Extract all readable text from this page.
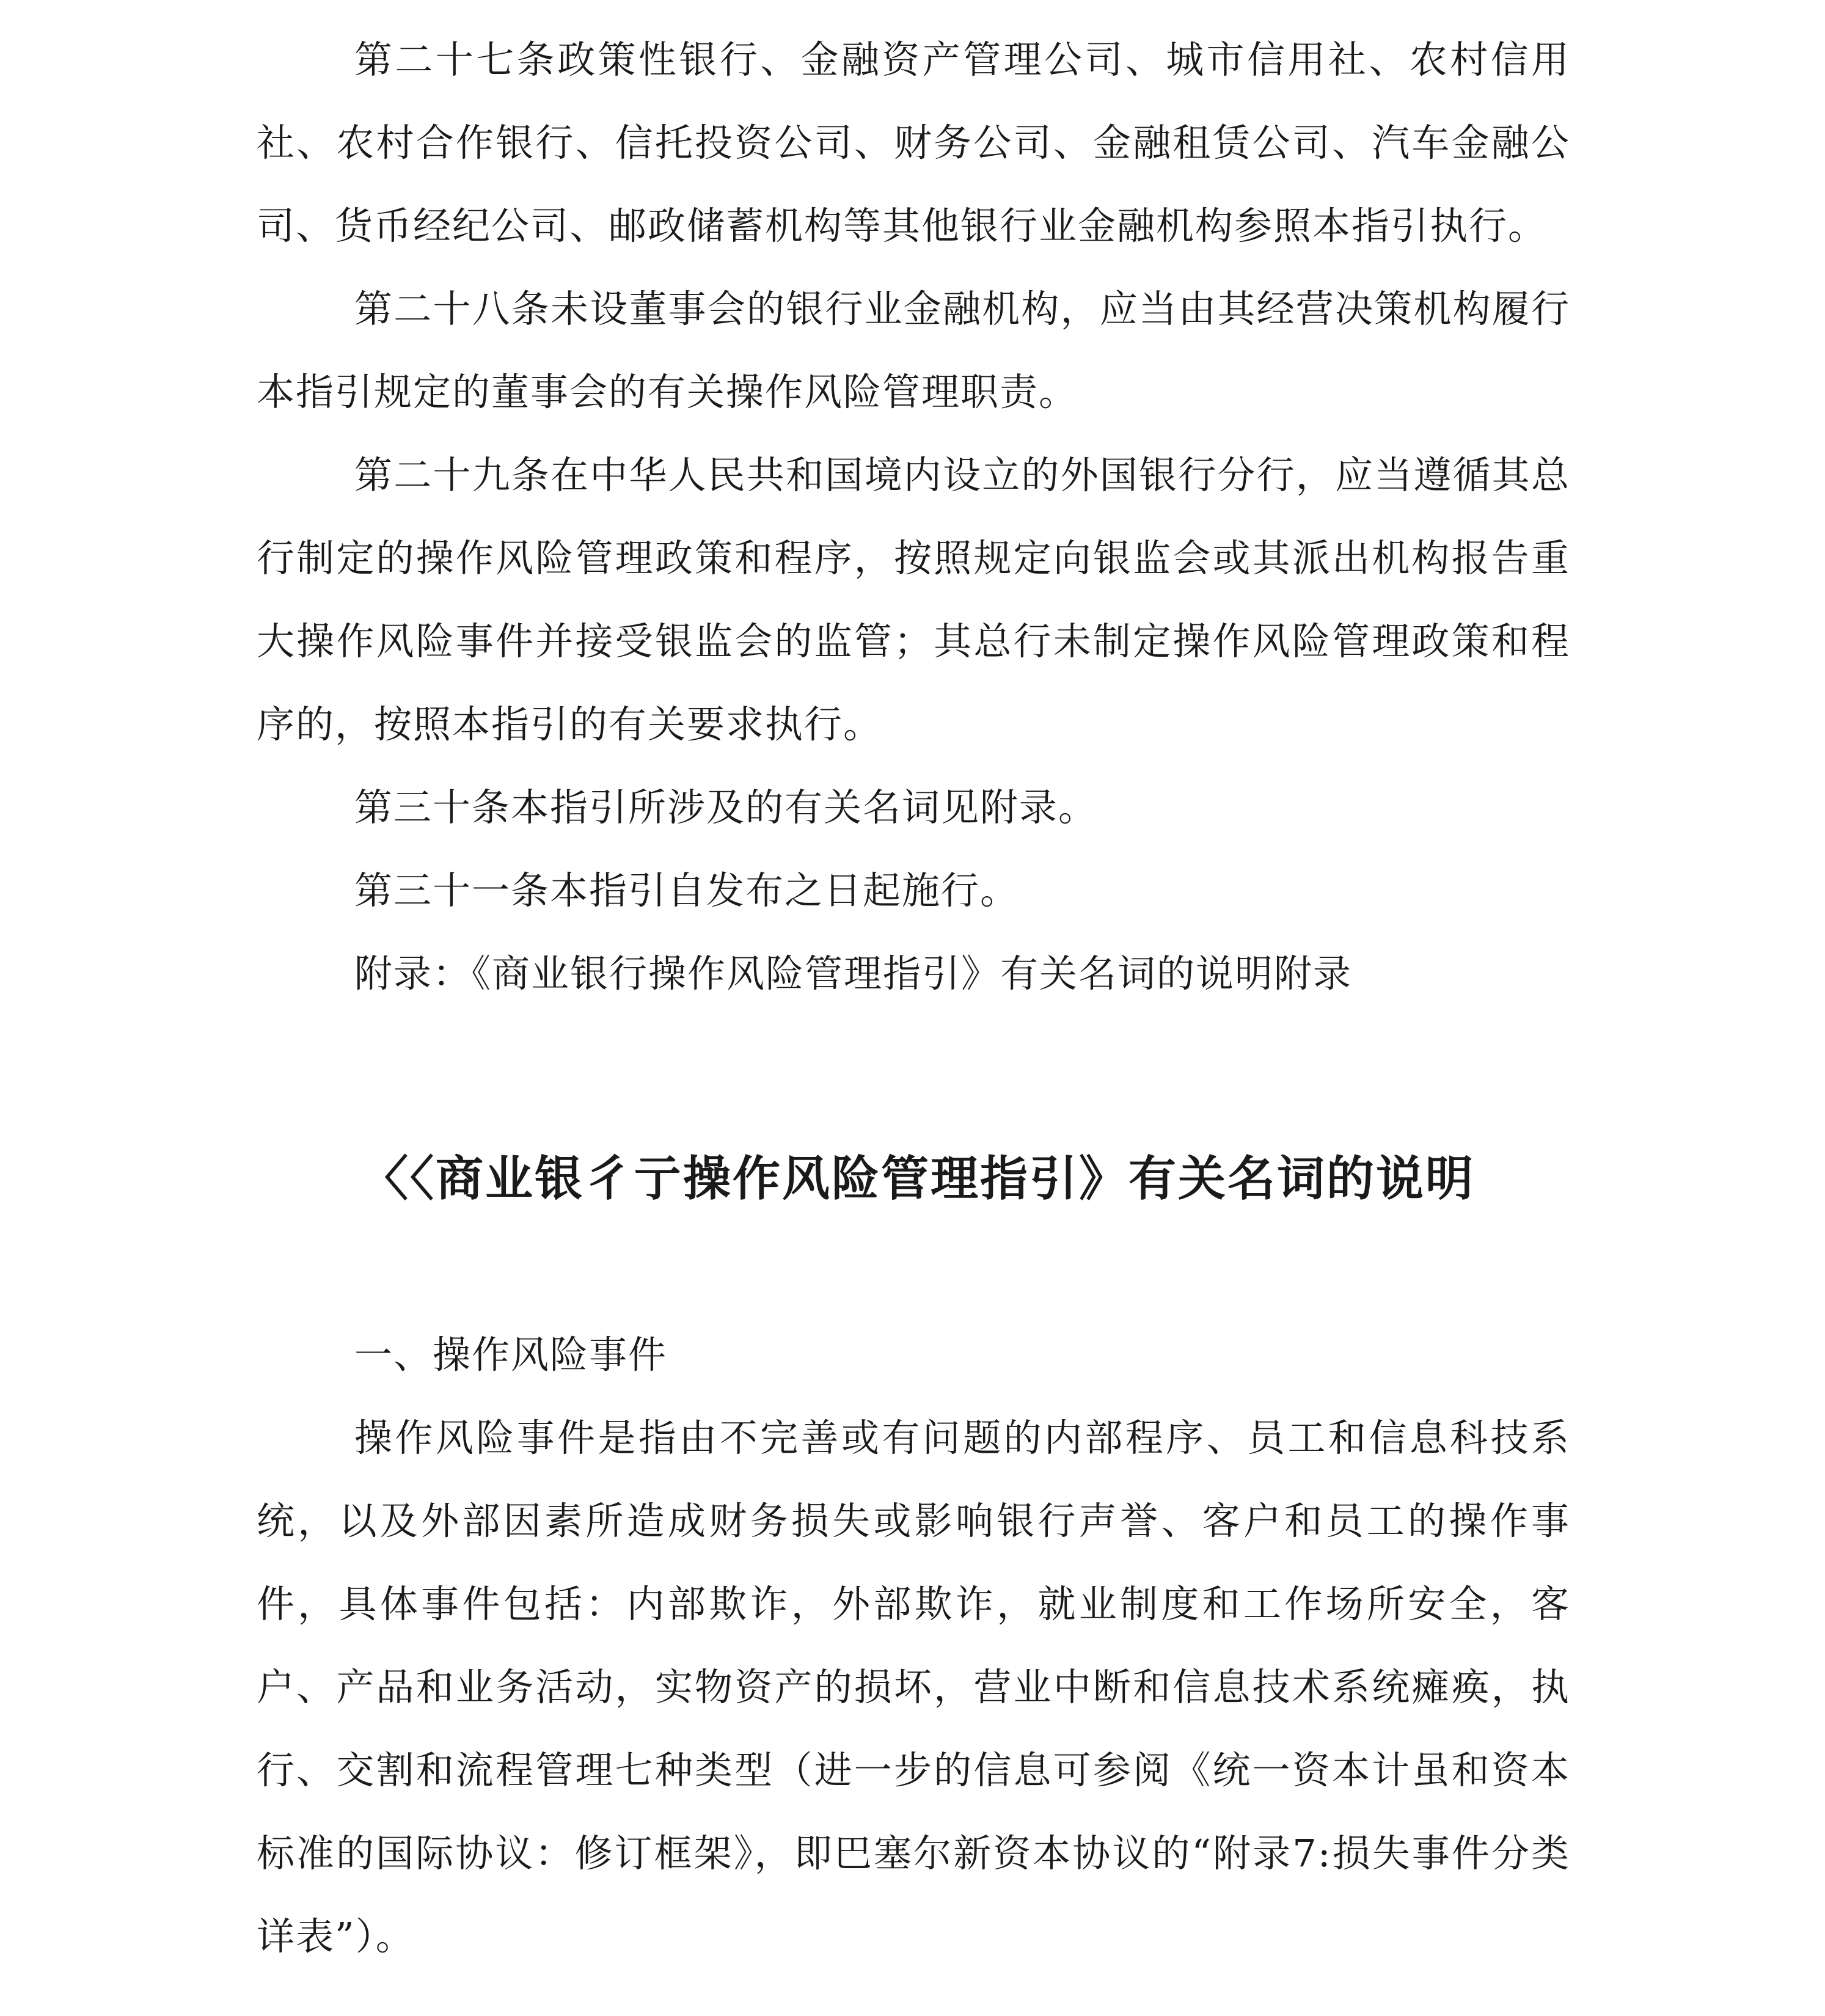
第二十七条政策性银行、金融资产管理公司、城市信用社、农村信用社、农村合作银行、信托投资公司、财务公司、金融租赁公司、汽车金融公司、货币经纪公司、邮政储蓄机构等其他银行业金融机构参照本指引执行。

第二十八条未设董事会的银行业金融机构，应当由其经营决策机构履行本指引规定的董事会的有关操作风险管理职责。

第二十九条在中华人民共和国境内设立的外国银行分行，应当遵循其总行制定的操作风险管理政策和程序，按照规定向银监会或其派出机构报告重大操作风险事件并接受银监会的监管；其总行未制定操作风险管理政策和程序的，按照本指引的有关要求执行。

第三十条本指引所涉及的有关名词见附录。

第三十一条本指引自发布之日起施行。

附录：《商业银行操作风险管理指引》有关名词的说明附录

〈〈商业银彳亍操作风险管理指引》有关名词的说明

一、操作风险事件

操作风险事件是指由不完善或有问题的内部程序、员工和信息科技系统，以及外部因素所造成财务损失或影响银行声誉、客户和员工的操作事件，具体事件包括：内部欺诈，外部欺诈，就业制度和工作场所安全，客户、产品和业务活动，实物资产的损坏，营业中断和信息技术系统瘫痪，执行、交割和流程管理七种类型（进一步的信息可参阅《统一资本计虽和资本标准的国际协议：修订框架》，即巴塞尔新资本协议的“附录7:损失事件分类详表”）。
